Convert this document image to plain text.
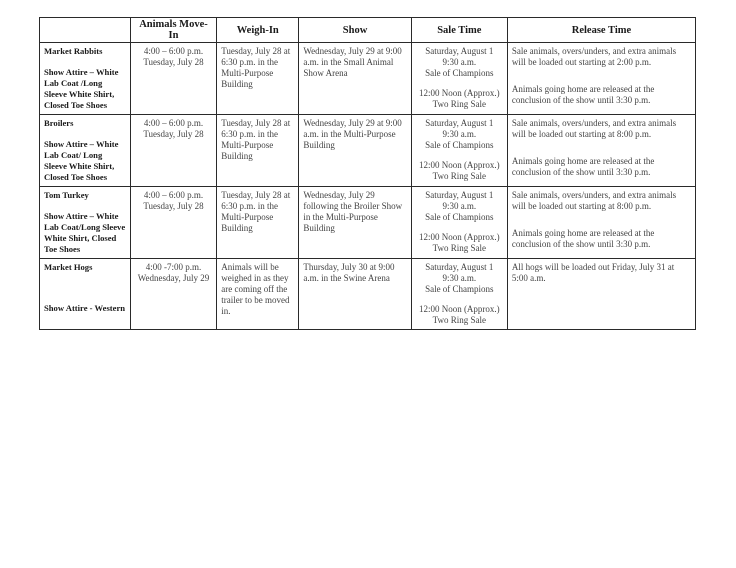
	Animals Move-In	Weigh-In	Show	Sale Time	Release Time

Market Rabbits
Show Attire – White Lab Coat /Long Sleeve White Shirt, Closed Toe Shoes	4:00 – 6:00 p.m.
Tuesday, July 28	Tuesday, July 28 at 6:30 p.m. in the Multi-Purpose Building	Wednesday, July 29 at 9:00 a.m. in the Small Animal Show Arena	Saturday, August 1
9:30 a.m.
Sale of Champions
12:00 Noon (Approx.)
Two Ring Sale	Sale animals, overs/unders, and extra animals will be loaded out starting at 2:00 p.m.
Animals going home are released at the conclusion of the show until 3:30 p.m.

Broilers
Show Attire – White Lab Coat/ Long Sleeve White Shirt, Closed Toe Shoes	4:00 – 6:00 p.m.
Tuesday, July 28	Tuesday, July 28 at 6:30 p.m. in the Multi-Purpose Building	Wednesday, July 29 at 9:00 a.m. in the Multi-Purpose Building	Saturday, August 1
9:30 a.m.
Sale of Champions
12:00 Noon (Approx.)
Two Ring Sale	Sale animals, overs/unders, and extra animals will be loaded out starting at 8:00 p.m.
Animals going home are released at the conclusion of the show until 3:30 p.m.

Tom Turkey
Show Attire – White Lab Coat/Long Sleeve White Shirt, Closed Toe Shoes	4:00 – 6:00 p.m.
Tuesday, July 28	Tuesday, July 28 at 6:30 p.m. in the Multi-Purpose Building	Wednesday, July 29 following the Broiler Show in the Multi-Purpose Building	Saturday, August 1
9:30 a.m.
Sale of Champions
12:00 Noon (Approx.)
Two Ring Sale	Sale animals, overs/unders, and extra animals will be loaded out starting at 8:00 p.m.
Animals going home are released at the conclusion of the show until 3:30 p.m.

Market Hogs
Show Attire - Western	4:00 -7:00 p.m.
Wednesday, July 29	Animals will be weighed in as they are coming off the trailer to be moved in.	Thursday, July 30 at 9:00 a.m. in the Swine Arena	Saturday, August 1
9:30 a.m.
Sale of Champions
12:00 Noon (Approx.)
Two Ring Sale	All hogs will be loaded out Friday, July 31 at 5:00 a.m.
